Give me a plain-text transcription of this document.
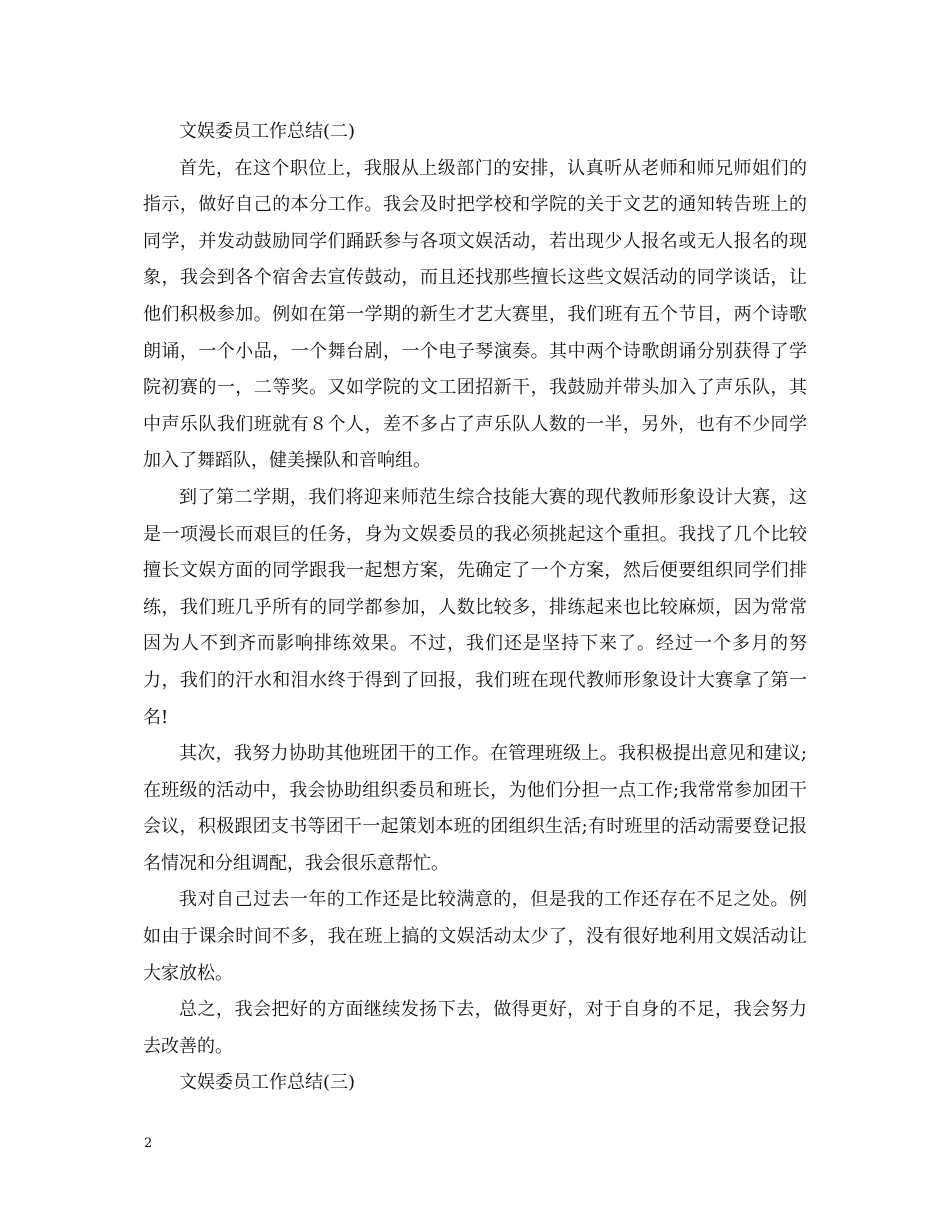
文娱委员工作总结(二)

首先，在这个职位上，我服从上级部门的安排，认真听从老师和师兄师姐们的指示，做好自己的本分工作。我会及时把学校和学院的关于文艺的通知转告班上的同学，并发动鼓励同学们踊跃参与各项文娱活动，若出现少人报名或无人报名的现象，我会到各个宿舍去宣传鼓动，而且还找那些擅长这些文娱活动的同学谈话，让他们积极参加。例如在第一学期的新生才艺大赛里，我们班有五个节目，两个诗歌朗诵，一个小品，一个舞台剧，一个电子琴演奏。其中两个诗歌朗诵分别获得了学院初赛的一，二等奖。又如学院的文工团招新干，我鼓励并带头加入了声乐队，其中声乐队我们班就有８个人，差不多占了声乐队人数的一半，另外，也有不少同学加入了舞蹈队，健美操队和音响组。

到了第二学期，我们将迎来师范生综合技能大赛的现代教师形象设计大赛，这是一项漫长而艰巨的任务，身为文娱委员的我必须挑起这个重担。我找了几个比较擅长文娱方面的同学跟我一起想方案，先确定了一个方案，然后便要组织同学们排练，我们班几乎所有的同学都参加，人数比较多，排练起来也比较麻烦，因为常常因为人不到齐而影响排练效果。不过，我们还是坚持下来了。经过一个多月的努力，我们的汗水和泪水终于得到了回报，我们班在现代教师形象设计大赛拿了第一名!

其次，我努力协助其他班团干的工作。在管理班级上。我积极提出意见和建议;在班级的活动中，我会协助组织委员和班长，为他们分担一点工作;我常常参加团干会议，积极跟团支书等团干一起策划本班的团组织生活;有时班里的活动需要登记报名情况和分组调配，我会很乐意帮忙。

我对自己过去一年的工作还是比较满意的，但是我的工作还存在不足之处。例如由于课余时间不多，我在班上搞的文娱活动太少了，没有很好地利用文娱活动让大家放松。

总之，我会把好的方面继续发扬下去，做得更好，对于自身的不足，我会努力去改善的。

文娱委员工作总结(三)

2
